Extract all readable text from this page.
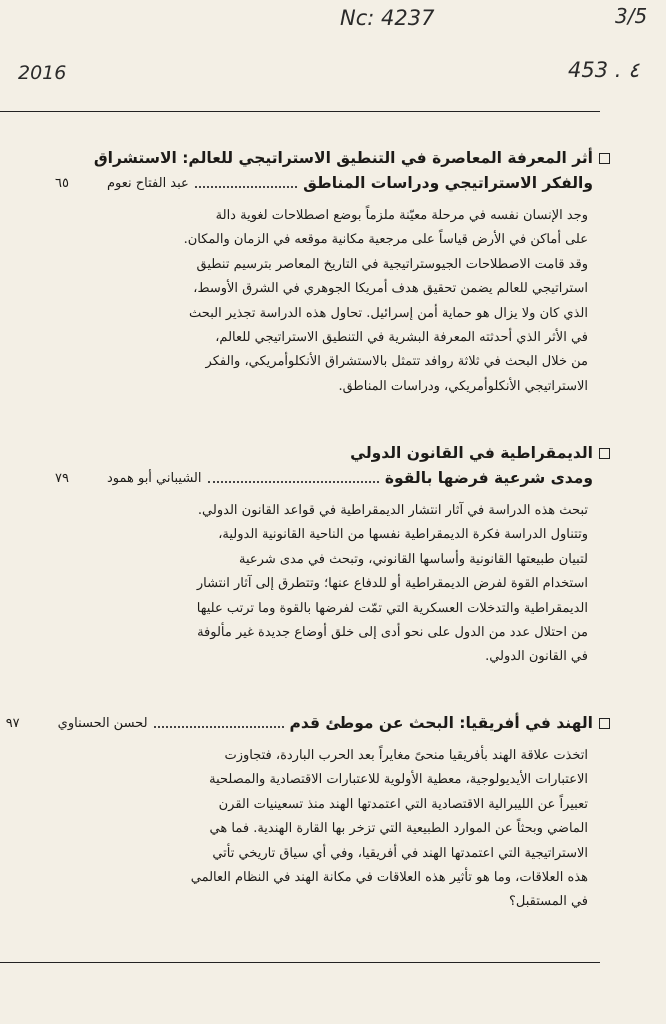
Nc: 4237	3/5
2016	453 . ٤
أثر المعرفة المعاصرة في التنطيق الاستراتيجي للعالم: الاستشراق
والفكر الاستراتيجي ودراسات المناطق
عبد الفتاح نعوم
٦٥

وجد الإنسان نفسه في مرحلة معيّنة ملزماً بوضع اصطلاحات لغوية دالة

على أماكن في الأرض قياساً على مرجعية مكانية موقعه في الزمان والمكان.

وقد قامت الاصطلاحات الجيوستراتيجية في التاريخ المعاصر بترسيم تنطيق

استراتيجي للعالم يضمن تحقيق هدف أمريكا الجوهري في الشرق الأوسط،

الذي كان ولا يزال هو حماية أمن إسرائيل. تحاول هذه الدراسة تجذير البحث

في الأثر الذي أحدثته المعرفة البشرية في التنطيق الاستراتيجي للعالم،

من خلال البحث في ثلاثة روافد تتمثل بالاستشراق الأنكلوأمريكي، والفكر

الاستراتيجي الأنكلوأمريكي، ودراسات المناطق.

الديمقراطية في القانون الدولي
ومدى شرعية فرضها بالقوة
الشيباني أبو همود
٧٩

تبحث هذه الدراسة في آثار انتشار الديمقراطية في قواعد القانون الدولي.

وتتناول الدراسة فكرة الديمقراطية نفسها من الناحية القانونية الدولية،

لتبيان طبيعتها القانونية وأساسها القانوني، وتبحث في مدى شرعية

استخدام القوة لفرض الديمقراطية أو للدفاع عنها؛ وتتطرق إلى آثار انتشار

الديمقراطية والتدخلات العسكرية التي تمّت لفرضها بالقوة وما ترتب عليها

من احتلال عدد من الدول على نحو أدى إلى خلق أوضاع جديدة غير مألوفة

في القانون الدولي.

الهند في أفريقيا: البحث عن موطئ قدم
لحسن الحسناوي
٩٧

اتخذت علاقة الهند بأفريقيا منحىً مغايراً بعد الحرب الباردة، فتجاوزت

الاعتبارات الأيديولوجية، معطية الأولوية للاعتبارات الاقتصادية والمصلحية

تعبيراً عن الليبرالية الاقتصادية التي اعتمدتها الهند منذ تسعينيات القرن

الماضي وبحثاً عن الموارد الطبيعية التي تزخر بها القارة الهندية. فما هي

الاستراتيجية التي اعتمدتها الهند في أفريقيا، وفي أي سياق تاريخي تأتي

هذه العلاقات، وما هو تأثير هذه العلاقات في مكانة الهند في النظام العالمي

في المستقبل؟
